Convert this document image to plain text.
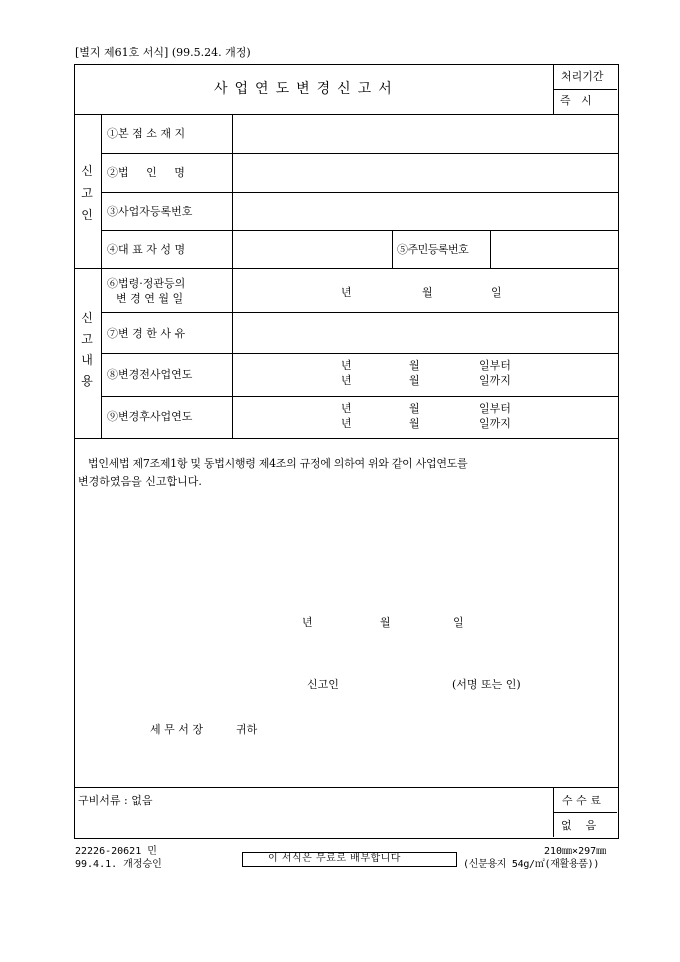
[별지 제61호 서식] (99.5.24. 개정)
사업연도변경신고서
처리기간
즉   시
신
고
인
①본 점 소 재 지
②법     인     명
③사업자등록번호
④대 표 자 성 명	⑤주민등록번호
신
고
내
용
⑥법령·정관등의
변 경 연 월 일	년	월	일
⑦변 경 한 사 유
⑧변경전사업연도
년	월	일부터
년	월	일까지
⑨변경후사업연도
년	월	일부터
년	월	일까지
법인세법 제7조제1항 및 동법시행령 제4조의 규정에 의하여 위와 같이 사업연도를
변경하였음을 신고합니다.
년	월	일
신고인	(서명 또는 인)
세 무 서 장	귀하
구비서류 : 없음	수 수 료
없    음
22226-20621 민
99.4.1. 개정승인
이 서식은 무료로 배부합니다
210㎜×297㎜
(신문용지 54g/㎡(재활용품))
